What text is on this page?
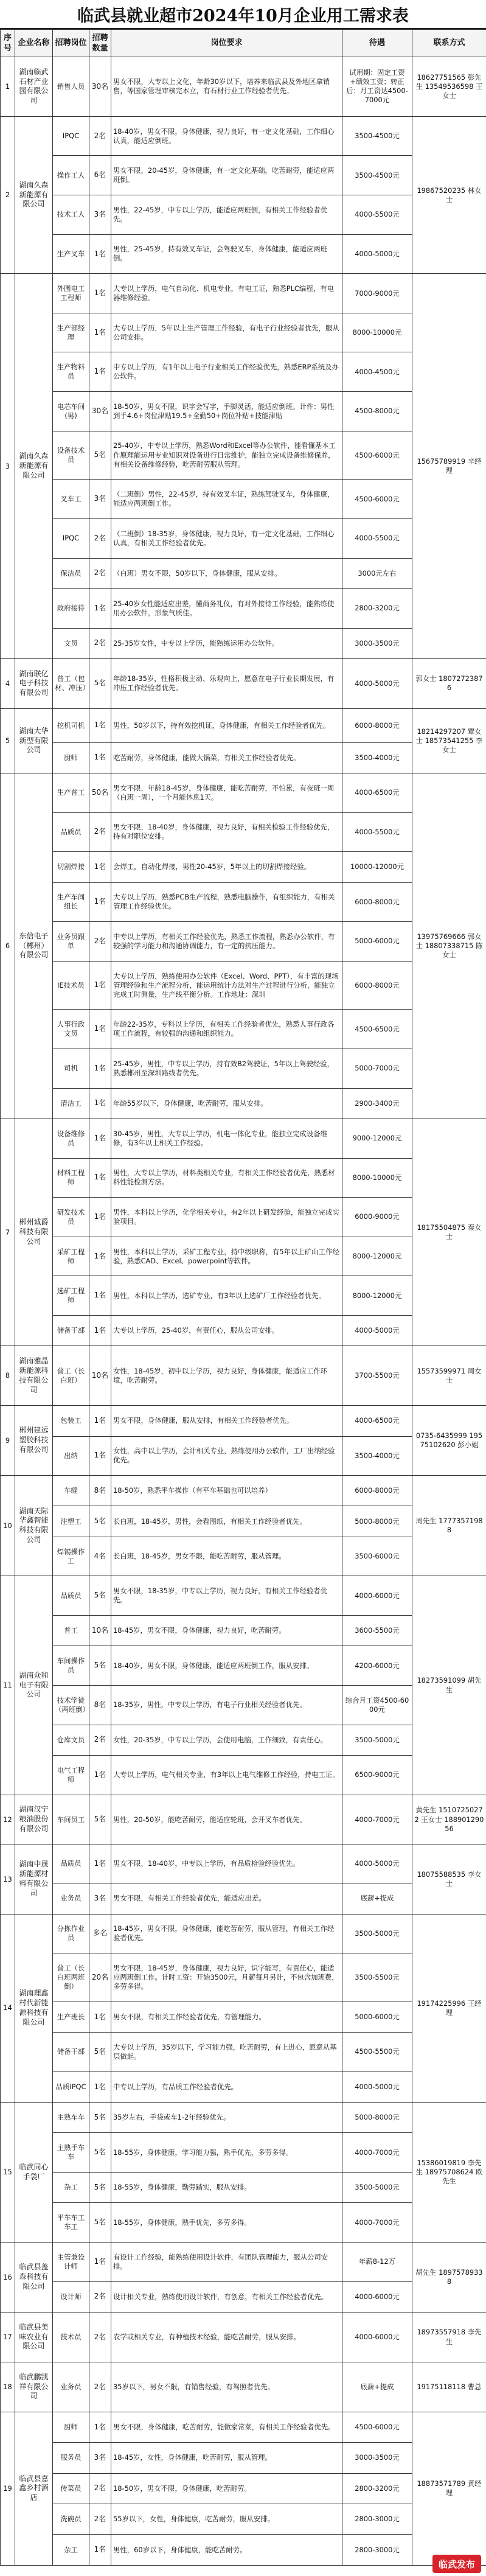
临武县就业超市2024年10月企业用工需求表
序号	企业名称	招聘岗位	招聘数量	岗位要求	待遇	联系方式
1	湖南临武石材产业园有限公司	销售人员	30名	男女不限，大专以上文化，年龄30岁以下，培养来临武县及外地区拿销售，等国家管理审核完本立，有石材行业工作经验者优先。	试用期：固定工资+绩效工资；转正后：月工资达4500-7000元	18627751565 彭先生 13549536598 王女士
2	湖南久森新能源有限公司	IPQC	2名	18-40岁，男女不限，身体健康，视力良好，有一定文化基础，工作细心认真，能适应倒班。	3500-4500元	19867520235 林女士
		操作工人	6名	男女不限，20-45岁，身体健康，有一定文化基础，吃苦耐劳，能适应两班倒。	3500-4500元	
		技术工人	3名	男性，22-45岁，中专以上学历，能适应两班倒，有相关工作经验者优先。	4000-5500元	
		生产叉车	1名	男性，25-45岁，持有效叉车证，会驾驶叉车，身体健康，能适应两班倒。	4000-5000元	
3	湖南久森新能源有限公司	外围电工工程师	1名	大专以上学历，电气自动化、机电专业，有电工证，熟悉PLC编程，有电器维修经验。	7000-9000元	15675789919 辛经理
		生产部经理	1名	大专以上学历，5年以上生产管理工作经验，有电子行业经验者优先，服从公司安排。	8000-10000元	
		生产物料员	1名	中专以上学历，有1年以上电子行业相关工作经验优先，熟悉ERP系统及办公软件。	4000-4500元	
		电芯车间(男)	30名	18-50岁，男女不限，识字会写字，手脚灵活，能适应倒班。计件：男性到手4.6+岗位津贴19.5+全勤50+岗位补贴+技能津贴	4500-8000元	
		设备技术员	5名	25-40岁，中专以上学历，熟悉Word和Excel等办公软件，能看懂基本工作原理能运用专业知识对设备进行日常维护，能独立完成设备维修保养，有相关设备维修经验，吃苦耐劳服从管理。	4500-6000元	
		叉车工	3名	（二班倒）男性，22-45岁，持有效叉车证，熟练驾驶叉车，身体健康，能适应两班倒工作。	4500-6000元	
		IPQC	2名	（二班倒）18-35岁，身体健康，视力良好，有一定文化基础，工作细心认真，有相关工作经验者优先。	4000-5500元	
		保洁员	2名	（白班）男女不限，50岁以下，身体健康，服从安排。	3000元左右	
		政府接待	1名	25-40岁女性能适应出差，懂商务礼仪，有对外接待工作经验，能熟练使用办公软件，形象气质佳。	2800-3200元	
		文员	2名	25-35岁女性，中专以上学历，能熟练运用办公软件。	3000-3500元	
4	湖南联亿电子科技有限公司	普工（包材、冲压）	5名	年龄18-35岁，性格积极主动、乐观向上，愿意在电子行业长期发展，有冲压工作经验者优先。	4000-5000元	郭女士 18072723876
5	湖南大华新型有限公司	挖机司机	1名	男性，50岁以下，持有效挖机证，身体健康，有相关工作经验者优先。	6000-8000元	18214297207 覃女士 18573541255 李女士
		厨师	1名	吃苦耐劳，身体健康，能做大锅菜，有相关工作经验者优先。	3500-4000元	
6	东信电子（郴州）有限公司	生产普工	50名	男女不限，年龄18-45岁，身体健康，能吃苦耐劳，不怕累，有夜班一周（白班一周），一个月能休息1天。	4000-6500元	13975769666 郭女士 18807338715 陈女士
		品质员	2名	男女不限，18-40岁，身体健康，视力良好，有相关检验工作经验优先，持有对职位安排。	4000-5500元	
		切割焊接	1名	会焊工，自动化焊接，男性20-45岁，5年以上的切割焊接经验。	10000-12000元	
		生产车间组长	1名	大专以上学历，熟悉PCB生产流程，熟悉电脑操作，有组织能力，有相关管理工作经验优先。	6000-8000元	
		业务员跟单	2名	中专以上学历，有相关工作经验优先，熟悉工作流程，熟悉办公软件，有较强的学习能力和沟通协调能力，有一定的抗压能力。	5000-6000元	
		IE技术员	1名	大专以上学历，熟练使用办公软件（Excel、Word、PPT），有丰富的现场管理经验和生产流程分析，能运用统计方法对生产过程进行分析，能独立完成工时测量，生产线平衡分析。工作地址：深圳	6000-8000元	
		人事行政文员	1名	年龄22-35岁，专科以上学历，有相关工作经验者优先，熟悉人事行政各项工作流程，有较强的沟通和组织能力。	4500-6500元	
		司机	1名	25-45岁，男性，中专以上学历，持有效B2驾驶证，5年以上驾驶经验，熟悉郴州至深圳路线者优先。	5000-7000元	
		清洁工	1名	年龄55岁以下，身体健康，吃苦耐劳，服从安排。	2900-3400元	
7	郴州诚爵科技有限公司	设备维修员	1名	30-45岁，男性，大专以上学历，机电一体化专业，能独立完成设备维修，有3年以上相关工作经验。	9000-12000元	18175504875 秦女士
		材料工程师	1名	男性，大专以上学历，材料类相关专业，有相关工作经验者优先，熟悉材料性能检测方法。	8000-10000元	
		研发技术员	1名	男性，本科以上学历，化学相关专业，有2年以上研发经验，能独立完成实验项目。	6000-9000元	
		采矿工程师	1名	男性，本科以上学历，采矿工程专业，持中级职称，有5年以上矿山工作经验，熟悉CAD、Excel、powerpoint等软件。	8000-12000元	
		选矿工程师	1名	男性，本科以上学历，选矿专业，有3年以上选矿厂工作经验者优先。	8000-12000元	
		储备干部	1名	大专以上学历，25-40岁，有责任心，服从公司安排。	4000-5000元	
8	湖南雅晶新能源科技有限公司	普工（长白班）	10名	女性，18-45岁，初中以上学历，视力良好，身体健康，能适应工作环境，吃苦耐劳。	3700-5500元	15573599971 周女士
9	郴州建远塑胶科技有限公司	包装工	1名	男女不限，身体健康，服从安排，有相关工作经验者优先。	4000-6500元	0735-6435999 19575102620 彭小姐
		出纳	1名	女性，高中以上学历，会计相关专业，熟练使用办公软件，工厂出纳经验优先。	3500-4000元	
10	湖南天际华鑫智能科技有限公司	车缝	8名	18-50岁，熟悉平车操作（有平车基础也可以培养）	6000-8000元	周先生 17773571988
		注塑工	5名	长白班，18-45岁，男性，会看图纸，有相关工作经验者优先。	5000-8000元	
		焊锡操作工	4名	长白班，18-45岁，男女不限，能吃苦耐劳，服从管理。	3500-6000元	
11	湖南众和电子有限公司	品质员	5名	男女不限，18-35岁，中专以上学历，视力良好，有相关工作经验者优先。	4000-6000元	18273591099 胡先生
		普工	10名	18-45岁，男女不限，身体健康，视力良好，吃苦耐劳。	3600-5500元	
		车间操作员	5名	18-40岁，男女不限，身体健康，能适应两班倒工作，服从安排。	4200-6000元	
		技术学徒（两班倒）	8名	18-35岁，男性，中专以上学历，有电子行业相关经验者优先。	综合月工资4500-6000元	
		仓库文员	2名	女性，20-35岁，中专以上学历，会使用电脑，工作细致，有责任心。	3500-5000元	
		电气工程师	1名	大专以上学历，电气相关专业，有3年以上电气维修工作经验，持电工证。	6500-9000元	
12	湖南汉宁粮油股份有限公司	车间员工	5名	男性，20-50岁，能吃苦耐劳，能适应轮班，会开叉车者优先。	4000-7000元	黄先生 15107250272 王女士 18890129056
13	湖南中晟新能源材料有限公司	品质员	1名	男女不限，18-40岁，中专以上学历，有品质检验经验优先。	4000-5000元	18075588535 李女士
		业务员	3名	男女不限，有相关工作经验者优先，能适应出差。	底薪+提成	
14	湖南理鑫村代新能源科技有限公司	分拣作业员	多名	18-45岁，男女不限，身体健康，能吃苦耐劳，服从管理，有相关工作经验者优先。	3500-5000元	19174225996 王经理
		普工（长白班两班倒）	20名	男女不限，18-45岁，身体健康，视力良好，识字能写，有责任心，能适应两班倒工作。计时工资：开始3500元，月薪每月另计，不包含加班费，多劳多得。	3500-5500元	
		生产班长	1名	男女不限，有相关工作经验者优先，有管理能力。	5000-6000元	
		储备干部	5名	大专以上学历，35岁以下，学习能力强，吃苦耐劳，有上进心，愿意从基层做起。	4500-5500元	
		品质IPQC	1名	中专以上学历，有品质工作经验者优先。	4000-5000元	
15	临武同心手袋厂	主熟车车	5名	35岁左右，手袋或车1-2年经验优先。	5000-8000元	15386019819 李先生 18975708624 欧先生
		主熟手车车	5名	18-55岁，身体健康，学习能力强，熟手优先，多劳多得。	4000-7000元	
		杂工	5名	18-55岁，身体健康，勤劳踏实，服从安排。	3500-5000元	
		平车车工车工	5名	18-55岁，身体健康，熟手优先，多劳多得。	4000-7000元	
16	临武县盖森科技有限公司	主管兼设计师	1名	有设计工作经验，能熟练使用设计软件，有团队管理能力，服从公司安排。	年薪8-12万	胡先生 18975789338
		设计师	2名	设计相关专业，熟练使用设计软件，有创意，有相关工作经验者优先。	4000-6000元	
17	临武县美味农业有限公司	技术员	2名	农学或相关专业，有种植技术经验，能吃苦耐劳，服从安排。	4000-6000元	18973557918 李先生
18	临武鹏凯祥有限公司	业务员	2名	35岁以下，男女不限，有销售经验，有驾照者优先。	底薪+提成	19175118118 曹总
19	临武县嘉鑫乡村酒店	厨师	1名	男女不限，身体健康，吃苦耐劳，能做家常菜，有相关工作经验者优先。	4500-6000元	18873571789 黄经理
		服务员	3名	18-45岁，女性，身体健康，吃苦耐劳，服从管理。	3000-3500元	
		传菜员	2名	18-50岁，男女不限，身体健康，吃苦耐劳。	2800-3200元	
		洗碗员	2名	55岁以下，女性，身体健康，吃苦耐劳，服从安排。	2800-3000元	
		杂工	1名	男性，60岁以下，身体健康，能吃苦耐劳。	2800-3000元	
临武发布
